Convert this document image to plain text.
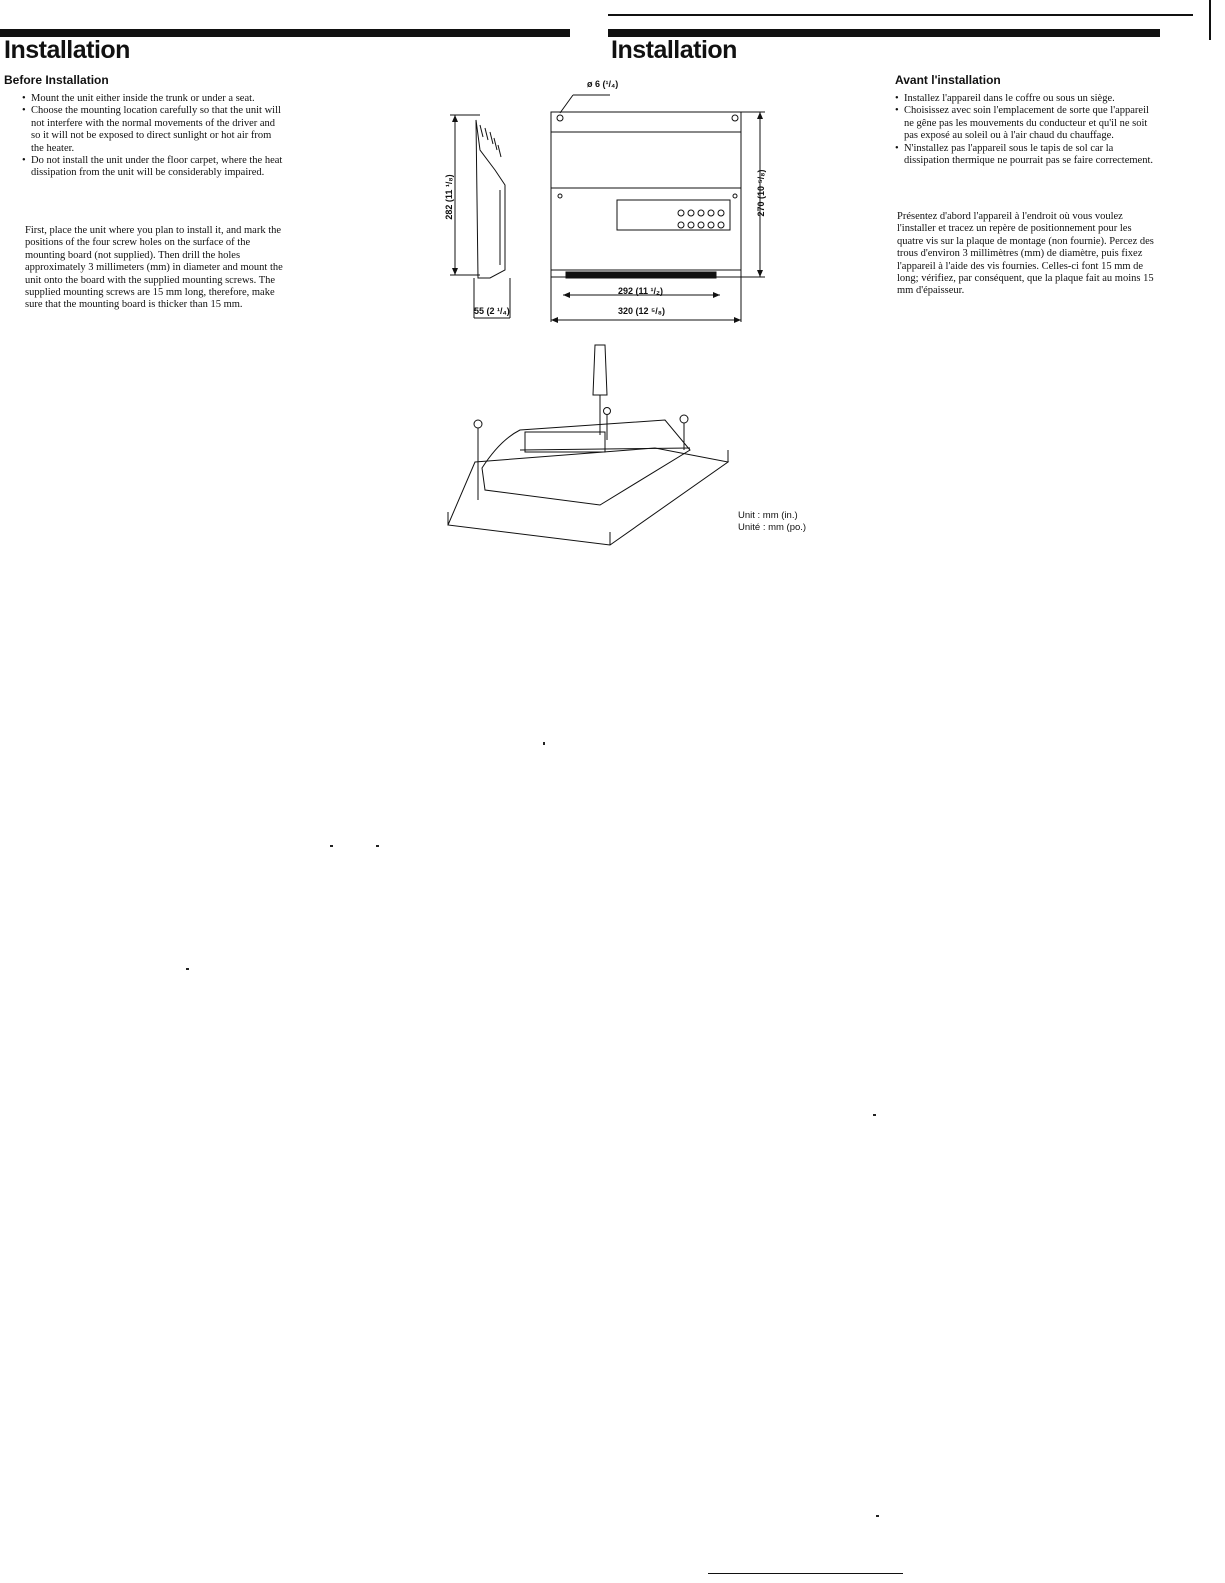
Installation
Before Installation
• Mount the unit either inside the trunk or under a seat.
• Choose the mounting location carefully so that the unit will not interfere with the normal movements of the driver and so it will not be exposed to direct sunlight or hot air from the heater.
• Do not install the unit under the floor carpet, where the heat dissipation from the unit will be considerably impaired.

First, place the unit where you plan to install it, and mark the positions of the four screw holes on the surface of the mounting board (not supplied). Then drill the holes approximately 3 millimeters (mm) in diameter and mount the unit onto the board with the supplied mounting screws. The supplied mounting screws are 15 mm long, therefore, make sure that the mounting board is thicker than 15 mm.

Installation
Avant l'installation
• Installez l'appareil dans le coffre ou sous un siège.
• Choisissez avec soin l'emplacement de sorte que l'appareil ne gêne pas les mouvements du conducteur et qu'il ne soit pas exposé au soleil ou à l'air chaud du chauffage.
• N'installez pas l'appareil sous le tapis de sol car la dissipation thermique ne pourrait pas se faire correctement.

Présentez d'abord l'appareil à l'endroit où vous voulez l'installer et tracez un repère de positionnement pour les quatre vis sur la plaque de montage (non fournie). Percez des trous d'environ 3 millimètres (mm) de diamètre, puis fixez l'appareil à l'aide des vis fournies. Celles-ci font 15 mm de long; vérifiez, par conséquent, que la plaque fait au moins 15 mm d'épaisseur.

ø 6 (¹/₄)
282 (11 ¹/₈)	270 (10 ⁵/₈)
55 (2 ¹/₄)
292 (11 ¹/₂)
320 (12 ⁵/₈)
Unit : mm (in.)
Unité : mm (po.)
